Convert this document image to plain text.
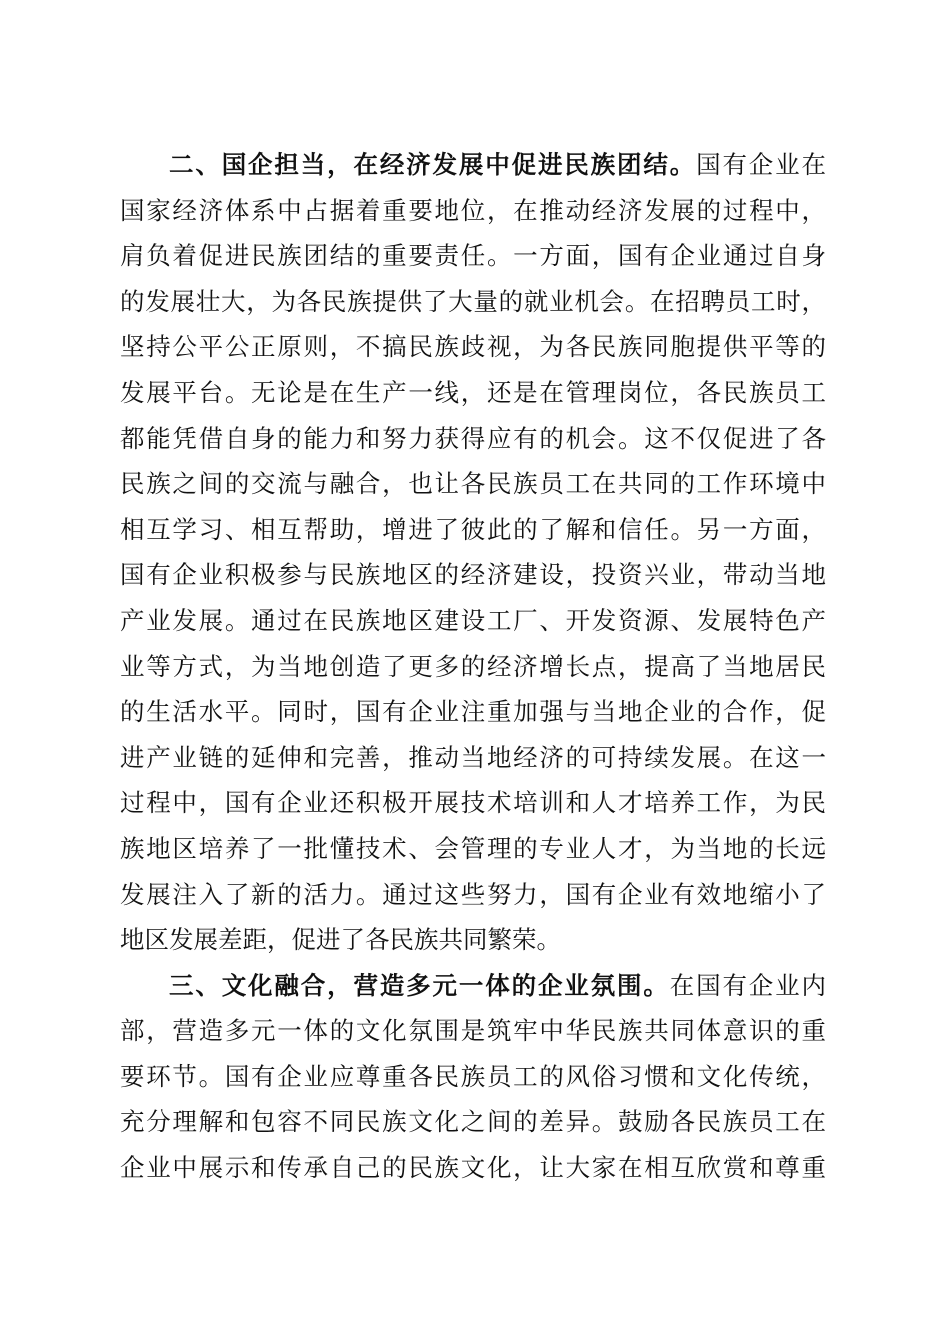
二、国企担当，在经济发展中促进民族团结。国有企业在
国家经济体系中占据着重要地位，在推动经济发展的过程中，
肩负着促进民族团结的重要责任。一方面，国有企业通过自身
的发展壮大，为各民族提供了大量的就业机会。在招聘员工时，
坚持公平公正原则，不搞民族歧视，为各民族同胞提供平等的
发展平台。无论是在生产一线，还是在管理岗位，各民族员工
都能凭借自身的能力和努力获得应有的机会。这不仅促进了各
民族之间的交流与融合，也让各民族员工在共同的工作环境中
相互学习、相互帮助，增进了彼此的了解和信任。另一方面，
国有企业积极参与民族地区的经济建设，投资兴业，带动当地
产业发展。通过在民族地区建设工厂、开发资源、发展特色产
业等方式，为当地创造了更多的经济增长点，提高了当地居民
的生活水平。同时，国有企业注重加强与当地企业的合作，促
进产业链的延伸和完善，推动当地经济的可持续发展。在这一
过程中，国有企业还积极开展技术培训和人才培养工作，为民
族地区培养了一批懂技术、会管理的专业人才，为当地的长远
发展注入了新的活力。通过这些努力，国有企业有效地缩小了
地区发展差距，促进了各民族共同繁荣。
三、文化融合，营造多元一体的企业氛围。在国有企业内
部，营造多元一体的文化氛围是筑牢中华民族共同体意识的重
要环节。国有企业应尊重各民族员工的风俗习惯和文化传统，
充分理解和包容不同民族文化之间的差异。鼓励各民族员工在
企业中展示和传承自己的民族文化，让大家在相互欣赏和尊重
